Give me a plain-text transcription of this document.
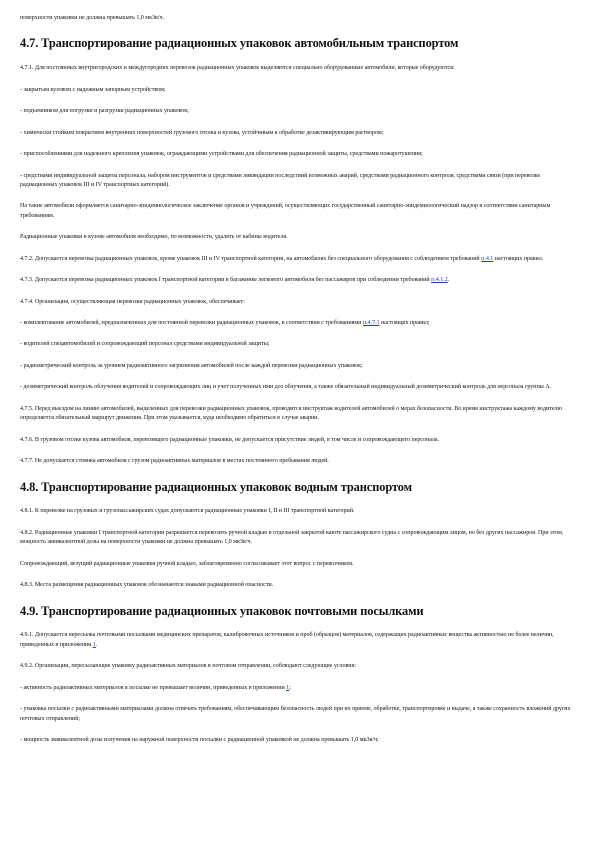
поверхности упаковки не должна превышать 1,0 мкЗв/ч.

4.7. Транспортирование радиационных упаковок автомобильным транспортом

4.7.1. Для постоянных внутригородских и междугородних перевозок радиационных упаковок выделяются специально оборудованные автомобили, которые оборудуются:

- закрытым кузовом с надежным запорным устройством;

- подъемником для погрузки и разгрузки радиационных упаковок;

- химически стойким покрытием внутренних поверхностей грузового отсека и кузова, устойчивым к обработке дезактивирующим раствором;

- приспособлениями для надежного крепления упаковок, ограждающими устройствами для обеспечения радиационной защиты, средствами пожаротушения;

- средствами индивидуальной защиты персонала, набором инструментов и средствами ликвидации последствий возможных аварий, средствами радиационного контроля, средствами связи (при перевозке радиационных упаковок III и IV транспортных категорий).

На такие автомобили оформляется санитарно-эпидемиологическое заключение органов и учреждений, осуществляющих государственный санитарно-эпидемиологический надзор в соответствии санитарным требованиям.

Радиационные упаковки в кузове автомобиля необходимо, по возможности, удалять от кабины водителя.

4.7.2. Допускается перевозка радиационных упаковок, кроме упаковок III и IV транспортной категории, на автомобилях без специального оборудования с соблюдением требований п.4.1 настоящих правил.

4.7.3. Допускается перевозка радиационных упаковок I транспортной категории в багажнике легкового автомобиля без пассажиров при соблюдении требований п.4.1.2.

4.7.4. Организация, осуществляющая перевозки радиационных упаковок, обеспечивает:

- комплектование автомобилей, предназначенных для постоянной перевозки радиационных упаковок, в соответствии с требованиями п.4.7.1 настоящих правил;

- водителей спецавтомобилей и сопровождающий персонал средствами индивидуальной защиты;

- радиометрический контроль за уровнем радиоактивного загрязнения автомобилей после каждой перевозки радиационных упаковок;

- дозиметрический контроль облучения водителей и сопровождающих лиц и учет полученных ими доз облучения, а также обязательный индивидуальный дозиметрический контроль для персонала группы А.

4.7.5. Перед выездом на линию автомобилей, выделенных для перевозки радиационных упаковок, проводится инструктаж водителей автомобилей о мерах безопасности. Во время инструктажа каждому водителю определяется обязательный маршрут движения. При этом указывается, куда необходимо обратиться в случае аварии.

4.7.6. В грузовом отсеке кузова автомобиля, перевозящего радиационные упаковки, не допускается присутствие людей, в том числе и сопровождающего персонала.

4.7.7. Не допускается стоянка автомобиля с грузом радиоактивных материалов в местах постоянного пребывания людей.

4.8. Транспортирование радиационных упаковок водным транспортом

4.8.1. К перевозке на грузовых и грузопассажирских судах допускаются радиационные упаковки I, II и III транспортной категорий.

4.8.2. Радиационные упаковки I транспортной категории разрешается перевозить ручной кладью в отдельной закрытой каюте пассажирского судна с сопровождающим лицом, но без других пассажиров. При этом, мощность эквивалентной дозы на поверхности упаковки не должна превышать 1,0 мкЗв/ч.

Сопровождающий, везущий радиационные упаковки ручной кладью, заблаговременно согласовывает этот вопрос с перевозчиком.

4.8.3. Места размещения радиационных упаковок обозначаются знаками радиационной опасности.

4.9. Транспортирование радиационных упаковок почтовыми посылками

4.9.1. Допускается пересылка почтовыми посылками медицинских препаратов, калибровочных источников и проб (образцов) материалов, содержащих радиоактивные вещества активностью не более величин, приведенных в приложении 1.

4.9.2. Организации, пересылающие упаковку радиоактивных материалов в почтовом отправлении, соблюдают следующие условия:

- активность радиоактивных материалов в посылке не превышает величин, приведенных в приложении 1;

- упаковка посылки с радиоактивными материалами должна отвечать требованиям, обеспечивающим безопасность людей при их приеме, обработке, транспортировке и выдаче, а также сохранность вложений других почтовых отправлений;

- мощность эквивалентной дозы излучения на наружной поверхности посылки с радиационной упаковкой не должна превышать 1,0 мкЗв/ч;
